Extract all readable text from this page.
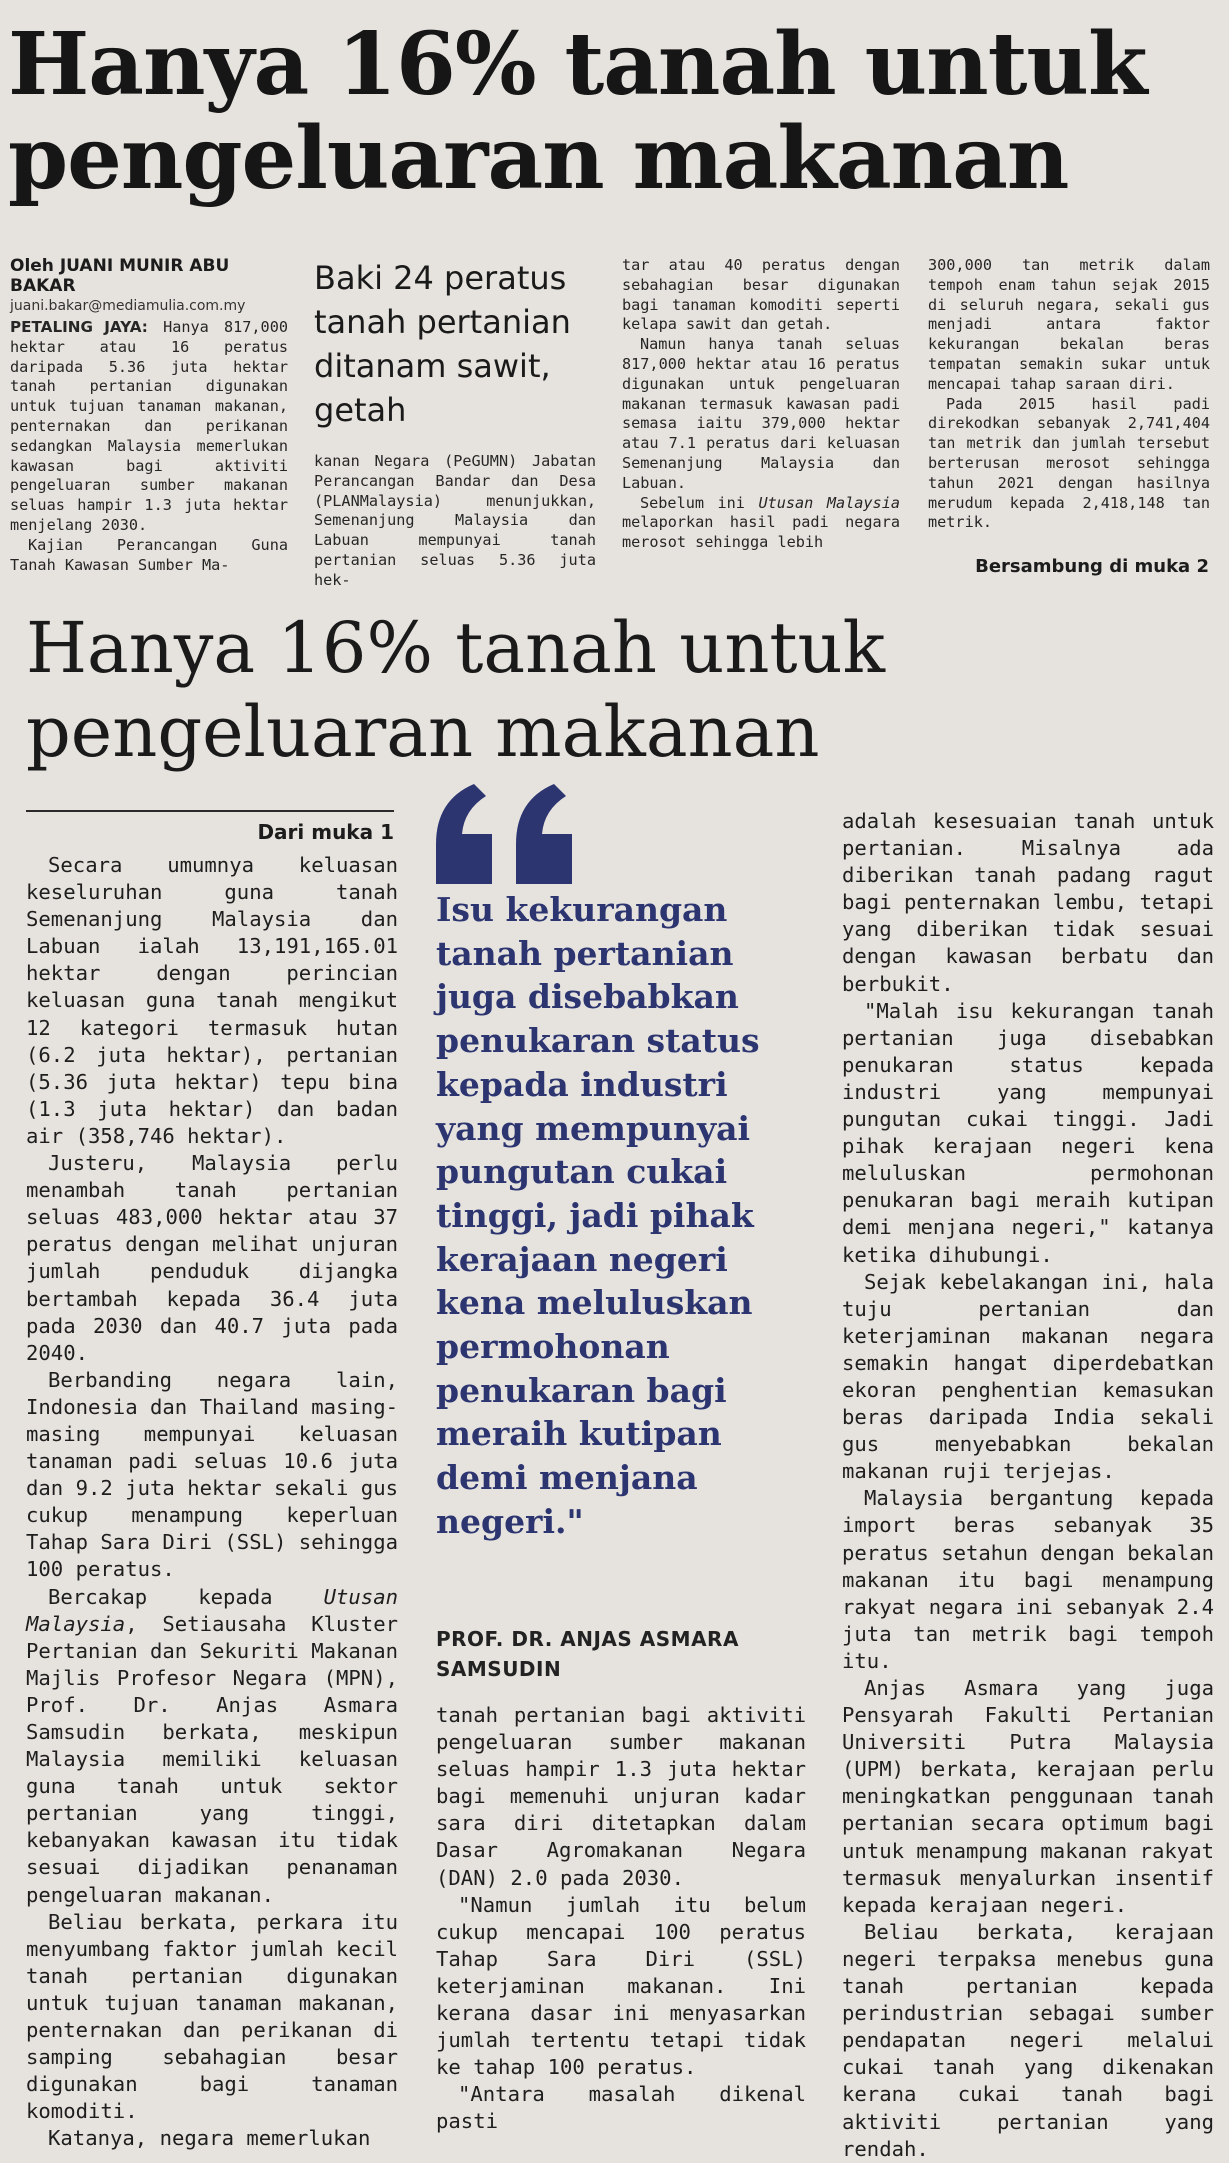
Hanya 16% tanah untuk
pengeluaran makanan
Oleh JUANI MUNIR ABU BAKAR
juani.bakar@mediamulia.com.my

PETALING JAYA: Hanya 817,000 hektar atau 16 peratus daripada 5.36 juta hektar tanah pertanian digunakan untuk tujuan tanaman makanan, penternakan dan perikanan sedangkan Malaysia memerlukan kawasan bagi aktiviti pengeluaran sumber makanan seluas hampir 1.3 juta hektar menjelang 2030.

Kajian Perancangan Guna Tanah Kawasan Sumber Ma-

Baki 24 peratus tanah pertanian ditanam sawit, getah

kanan Negara (PeGUMN) Jabatan Perancangan Bandar dan Desa (PLANMalaysia) menunjukkan, Semenanjung Malaysia dan Labuan mempunyai tanah pertanian seluas 5.36 juta hek-

tar atau 40 peratus dengan sebahagian besar digunakan bagi tanaman komoditi seperti kelapa sawit dan getah.

Namun hanya tanah seluas 817,000 hektar atau 16 peratus digunakan untuk pengeluaran makanan termasuk kawasan padi semasa iaitu 379,000 hektar atau 7.1 peratus dari keluasan Semenanjung Malaysia dan Labuan.

Sebelum ini Utusan Malaysia melaporkan hasil padi negara merosot sehingga lebih

300,000 tan metrik dalam tempoh enam tahun sejak 2015 di seluruh negara, sekali gus menjadi antara faktor kekurangan bekalan beras tempatan semakin sukar untuk mencapai tahap saraan diri.

Pada 2015 hasil padi direkodkan sebanyak 2,741,404 tan metrik dan jumlah tersebut berterusan merosot sehingga tahun 2021 dengan hasilnya merudum kepada 2,418,148 tan metrik.

Bersambung di muka 2
Hanya 16% tanah untuk
pengeluaran makanan
Dari muka 1

Secara umumnya keluasan keseluruhan guna tanah Semenanjung Malaysia dan Labuan ialah 13,191,165.01 hektar dengan perincian keluasan guna tanah mengikut 12 kategori termasuk hutan (6.2 juta hektar), pertanian (5.36 juta hektar) tepu bina (1.3 juta hektar) dan badan air (358,746 hektar).

Justeru, Malaysia perlu menambah tanah pertanian seluas 483,000 hektar atau 37 peratus dengan melihat unjuran jumlah penduduk dijangka bertambah kepada 36.4 juta pada 2030 dan 40.7 juta pada 2040.

Berbanding negara lain, Indonesia dan Thailand masing-masing mempunyai keluasan tanaman padi seluas 10.6 juta dan 9.2 juta hektar sekali gus cukup menampung keperluan Tahap Sara Diri (SSL) sehingga 100 peratus.

Bercakap kepada Utusan Malaysia, Setiausaha Kluster Pertanian dan Sekuriti Makanan Majlis Profesor Negara (MPN), Prof. Dr. Anjas Asmara Samsudin berkata, meskipun Malaysia memiliki keluasan guna tanah untuk sektor pertanian yang tinggi, kebanyakan kawasan itu tidak sesuai dijadikan penanaman pengeluaran makanan.

Beliau berkata, perkara itu menyumbang faktor jumlah kecil tanah pertanian digunakan untuk tujuan tanaman makanan, penternakan dan perikanan di samping sebahagian besar digunakan bagi tanaman komoditi.

Katanya, negara memerlukan

Isu kekurangan tanah pertanian juga disebabkan penukaran status kepada industri yang mempunyai pungutan cukai tinggi, jadi pihak kerajaan negeri kena meluluskan permohonan penukaran bagi meraih kutipan demi menjana negeri."
PROF. DR. ANJAS ASMARA SAMSUDIN

tanah pertanian bagi aktiviti pengeluaran sumber makanan seluas hampir 1.3 juta hektar bagi memenuhi unjuran kadar sara diri ditetapkan dalam Dasar Agromakanan Negara (DAN) 2.0 pada 2030.

"Namun jumlah itu belum cukup mencapai 100 peratus Tahap Sara Diri (SSL) keterjaminan makanan. Ini kerana dasar ini menyasarkan jumlah tertentu tetapi tidak ke tahap 100 peratus.

"Antara masalah dikenal pasti

adalah kesesuaian tanah untuk pertanian. Misalnya ada diberikan tanah padang ragut bagi penternakan lembu, tetapi yang diberikan tidak sesuai dengan kawasan berbatu dan berbukit.

"Malah isu kekurangan tanah pertanian juga disebabkan penukaran status kepada industri yang mempunyai pungutan cukai tinggi. Jadi pihak kerajaan negeri kena meluluskan permohonan penukaran bagi meraih kutipan demi menjana negeri," katanya ketika dihubungi.

Sejak kebelakangan ini, hala tuju pertanian dan keterjaminan makanan negara semakin hangat diperdebatkan ekoran penghentian kemasukan beras daripada India sekali gus menyebabkan bekalan makanan ruji terjejas.

Malaysia bergantung kepada import beras sebanyak 35 peratus setahun dengan bekalan makanan itu bagi menampung rakyat negara ini sebanyak 2.4 juta tan metrik bagi tempoh itu.

Anjas Asmara yang juga Pensyarah Fakulti Pertanian Universiti Putra Malaysia (UPM) berkata, kerajaan perlu meningkatkan penggunaan tanah pertanian secara optimum bagi untuk menampung makanan rakyat termasuk menyalurkan insentif kepada kerajaan negeri.

Beliau berkata, kerajaan negeri terpaksa menebus guna tanah pertanian kepada perindustrian sebagai sumber pendapatan negeri melalui cukai tanah yang dikenakan kerana cukai tanah bagi aktiviti pertanian yang rendah.
